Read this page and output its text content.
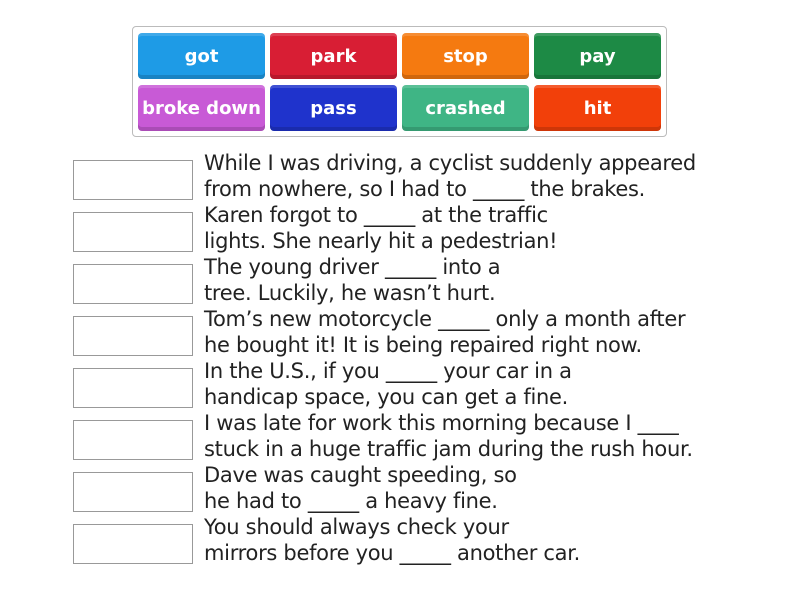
got	park	stop	pay
broke down	pass	crashed	hit
While I was driving, a cyclist suddenly appeared
from nowhere, so I had to _____ the brakes.
Karen forgot to _____ at the traffic
lights. She nearly hit a pedestrian!
The young driver _____ into a
tree. Luckily, he wasn’t hurt.
Tom’s new motorcycle _____ only a month after
he bought it! It is being repaired right now.
In the U.S., if you _____ your car in a
handicap space, you can get a fine.
I was late for work this morning because I ____
stuck in a huge traffic jam during the rush hour.
Dave was caught speeding, so
he had to _____ a heavy fine.
You should always check your
mirrors before you _____ another car.
